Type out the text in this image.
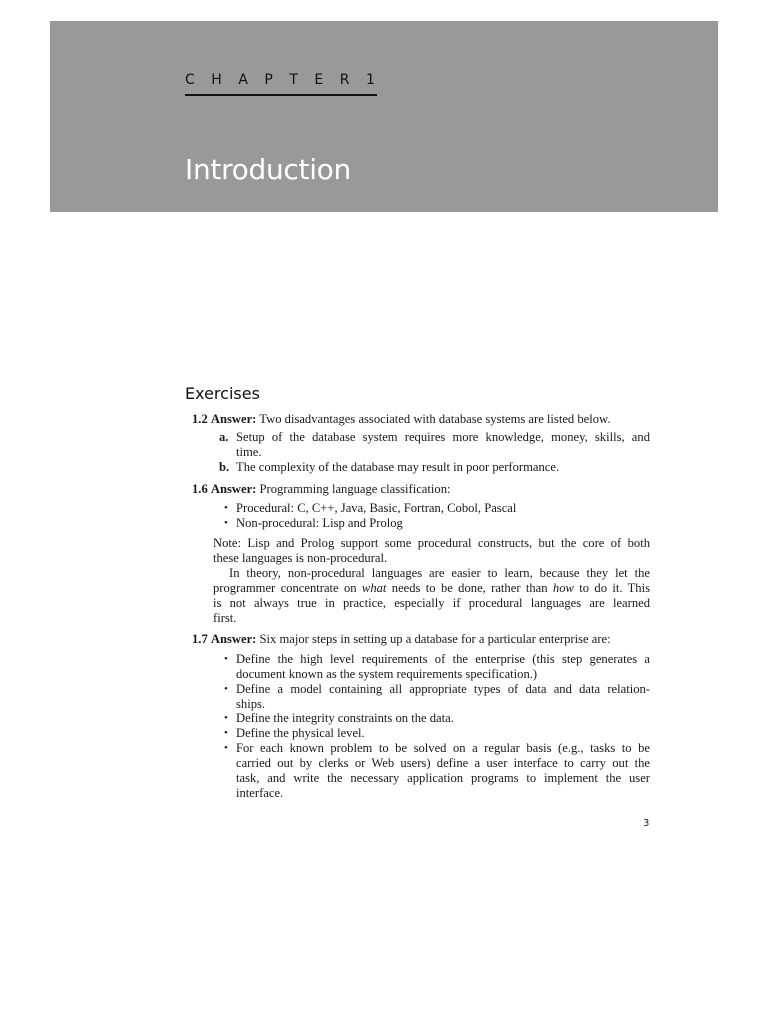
C H A P T E R 1
Introduction
Exercises
1.2 Answer: Two disadvantages associated with database systems are listed below.
a. Setup of the database system requires more knowledge, money, skills, and
time.
b. The complexity of the database may result in poor performance.
1.6 Answer: Programming language classification:
• Procedural: C, C++, Java, Basic, Fortran, Cobol, Pascal
• Non-procedural: Lisp and Prolog
Note: Lisp and Prolog support some procedural constructs, but the core of both
these languages is non-procedural.
In theory, non-procedural languages are easier to learn, because they let the
programmer concentrate on what needs to be done, rather than how to do it. This
is not always true in practice, especially if procedural languages are learned
first.
1.7 Answer: Six major steps in setting up a database for a particular enterprise are:
• Define the high level requirements of the enterprise (this step generates a
document known as the system requirements specification.)
• Define a model containing all appropriate types of data and data relation-
ships.
• Define the integrity constraints on the data.
• Define the physical level.
• For each known problem to be solved on a regular basis (e.g., tasks to be
carried out by clerks or Web users) define a user interface to carry out the
task, and write the necessary application programs to implement the user
interface.
3
